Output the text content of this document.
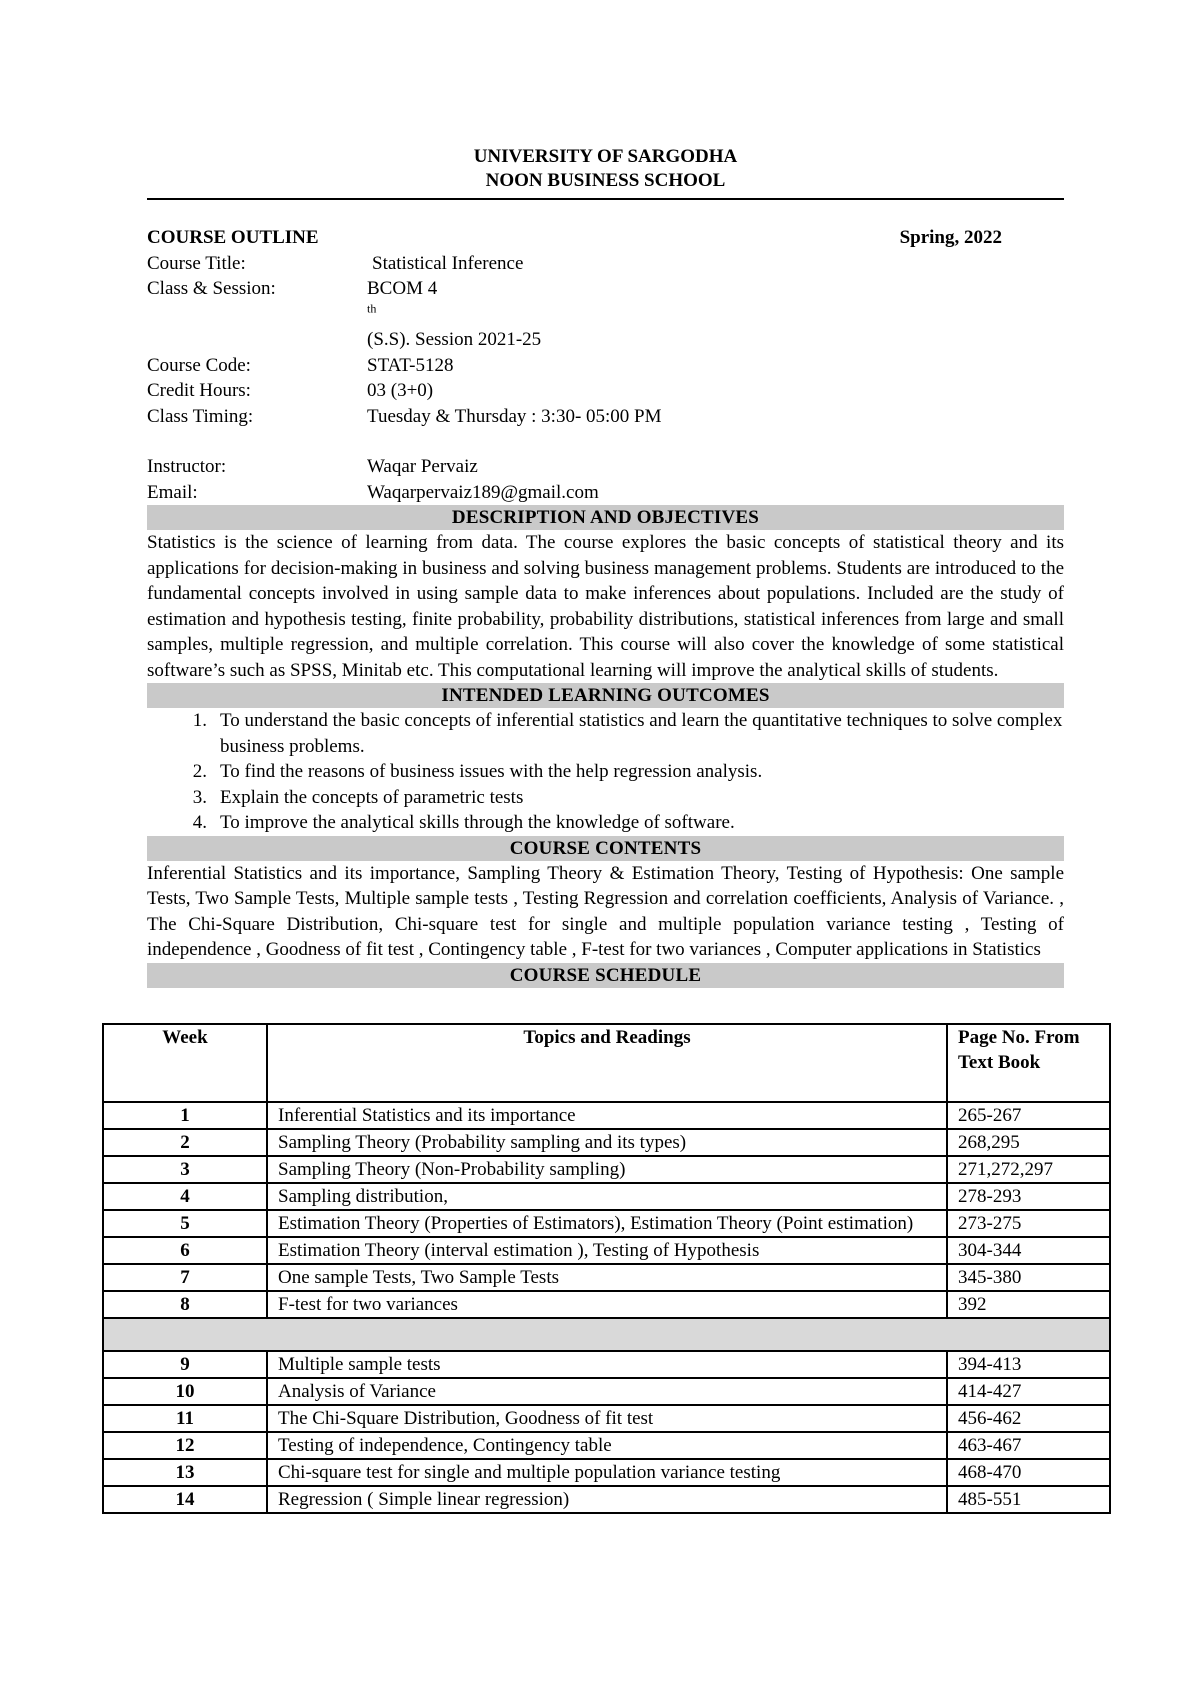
UNIVERSITY OF SARGODHA
NOON BUSINESS SCHOOL
COURSE OUTLINE	Spring, 2022
Course Title:	Statistical Inference
Class & Session:	BCOM 4
$^{th}$
(S.S). Session 2021-25
Course Code:	STAT-5128
Credit Hours:	03 (3+0)
Class Timing:	Tuesday & Thursday : 3:30- 05:00 PM
Instructor:	Waqar Pervaiz
Email:	Waqarpervaiz189@gmail.com
DESCRIPTION AND OBJECTIVES
Statistics is the science of learning from data. The course explores the basic concepts of statistical theory and its applications for decision-making in business and solving business management problems. Students are introduced to the fundamental concepts involved in using sample data to make inferences about populations. Included are the study of estimation and hypothesis testing, finite probability, probability distributions, statistical inferences from large and small samples, multiple regression, and multiple correlation. This course will also cover the knowledge of some statistical software’s such as SPSS, Minitab etc. This computational learning will improve the analytical skills of students.
INTENDED LEARNING OUTCOMES
1. To understand the basic concepts of inferential statistics and learn the quantitative techniques to solve complex business problems.
2. To find the reasons of business issues with the help regression analysis.
3. Explain the concepts of parametric tests
4. To improve the analytical skills through the knowledge of software.
COURSE CONTENTS
Inferential Statistics and its importance, Sampling Theory & Estimation Theory, Testing of Hypothesis: One sample Tests, Two Sample Tests, Multiple sample tests , Testing Regression and correlation coefficients, Analysis of Variance. , The Chi-Square Distribution, Chi-square test for single and multiple population variance testing , Testing of independence , Goodness of fit test , Contingency table , F-test for two variances , Computer applications in Statistics
COURSE SCHEDULE
Week	Topics and Readings	Page No. From Text Book
1	Inferential Statistics and its importance	265-267
2	Sampling Theory (Probability sampling and its types)	268,295
3	Sampling Theory (Non-Probability sampling)	271,272,297
4	Sampling distribution,	278-293
5	Estimation Theory (Properties of Estimators), Estimation Theory (Point estimation)	273-275
6	Estimation Theory (interval estimation ), Testing of Hypothesis	304-344
7	One sample Tests, Two Sample Tests	345-380
8	F-test for two variances	392

9	Multiple sample tests	394-413
10	Analysis of Variance	414-427
11	The Chi-Square Distribution, Goodness of fit test	456-462
12	Testing of independence, Contingency table	463-467
13	Chi-square test for single and multiple population variance testing	468-470
14	Regression ( Simple linear regression)	485-551
